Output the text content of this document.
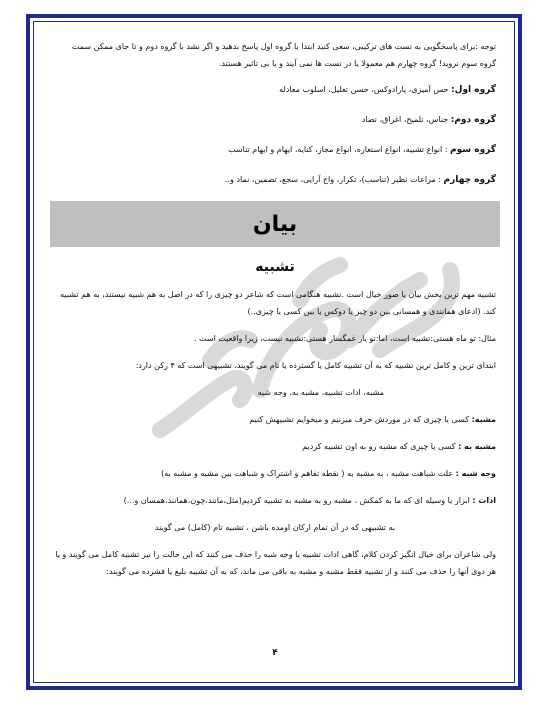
توجه :برای پاسخگویی به تست های ترکیبی، سعی کنید ابتدا با گروه اول پاسخ بدهید و اگر نشد با گروه دوم و تا جای ممکن سمت گروه سوم نروید! گروه چهارم هم معمولا یا در تست ها نمی آیند و یا بی تاثیر هستند.

گروه اول: حس آمیزی، پارادوکس، حسن تعلیل، اسلوب معادله

گروه دوم: جناس، تلمیح، اغراق، تضاد

گروه سوم : انواع تشبیه، انواع استعاره، انواع مجاز، کنایه، ایهام و ایهام تناسب

گروه چهارم : مراعات نظیر (تناسب)، تکرار، واج آرایی، سجع، تضمین، نماد و..

بیان
تشبیه

تشبیه مهم ترین بخش بیان یا صور خیال است .تشبیه هنگامی است که شاعر دو چیزی را که در اصل به هم شبیه نیستند، به هم تشبیه کند. (ادعای همانندی و همسانی بین دو چیز یا دوکس یا بین کسی یا چیزی..)

مثال: تو ماه هستی:تشبیه است، اما:تو یار غمگسار هستی:تشبیه نیست، زیرا واقعیت است .

ابتدای ترین و کامل ترین تشبیه که به آن تشبیه کامل یا گسترده یا تام می گویند، تشبیهی است که ۴ رکن دارد:

مشبه، ادات تشبیه، مشبه به، وجه شبه

مشبه: کسی یا چیزی که در موردش حرف میزنیم و میخوایم تشبیهش کنیم

مشبه به : کسی یا چیزی که مشبه رو به اون تشبیه کردیم

وجه شبه : علت شباهت مشبه ، به مشبه به ( نقطه تفاهم و اشتراک و شباهت بین مشبه و مشبه به)

ادات : ابزار یا وسیله ای که ما به کمکش ، مشبه رو به مشبه به تشبیه کردیم(مثل،مانند،چون،همانند،همسان و...)

به تشبیهی که در آن تمام ارکان اومده باشن ، تشبیه تام (کامل) می گویند

ولی شاعران برای خیال انگیز کردن کلام، گاهی ادات تشبیه یا وجه شبه را حذف می کنند که این حالت را نیز تشبیه کامل می گویند و یا هر دوی آنها را حذف می کنند و از تشبیه فقط مشبه و مشبه به باقی می ماند، که به آن تشبیه بلیغ یا فشرده می گویند:

۴
